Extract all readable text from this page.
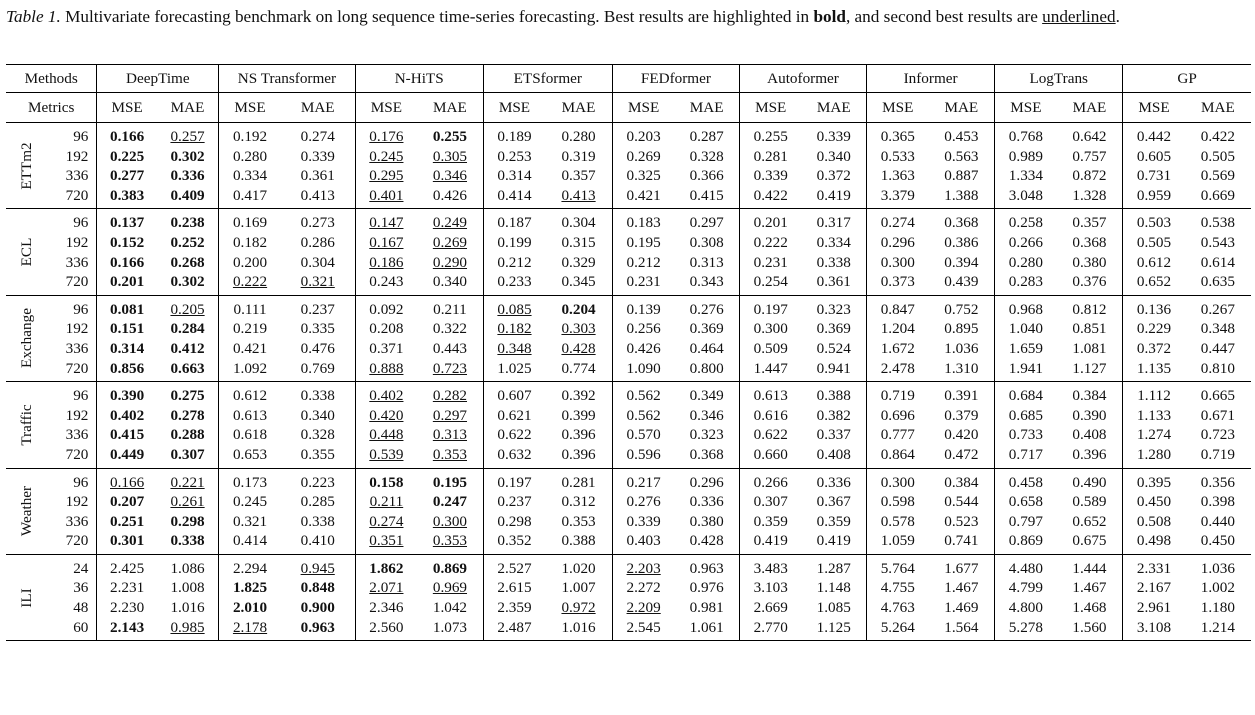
Table 1. Multivariate forecasting benchmark on long sequence time-series forecasting. Best results are highlighted in bold, and second best results are underlined.
Methods		DeepTime		NS Transformer		N-HiTS		ETSformer		FEDformer		Autoformer		Informer		LogTrans		GP	
Metrics		MSE	MAE	MSE	MAE	MSE	MAE	MSE	MAE	MSE	MAE	MSE	MAE	MSE	MAE	MSE	MAE	MSE	MAE

ETTm2	96	0.166	0.257	0.192	0.274	0.176	0.255	0.189	0.280	0.203	0.287	0.255	0.339	0.365	0.453	0.768	0.642	0.442	0.422
	192	0.225	0.302	0.280	0.339	0.245	0.305	0.253	0.319	0.269	0.328	0.281	0.340	0.533	0.563	0.989	0.757	0.605	0.505
	336	0.277	0.336	0.334	0.361	0.295	0.346	0.314	0.357	0.325	0.366	0.339	0.372	1.363	0.887	1.334	0.872	0.731	0.569
	720	0.383	0.409	0.417	0.413	0.401	0.426	0.414	0.413	0.421	0.415	0.422	0.419	3.379	1.388	3.048	1.328	0.959	0.669

ECL	96	0.137	0.238	0.169	0.273	0.147	0.249	0.187	0.304	0.183	0.297	0.201	0.317	0.274	0.368	0.258	0.357	0.503	0.538
	192	0.152	0.252	0.182	0.286	0.167	0.269	0.199	0.315	0.195	0.308	0.222	0.334	0.296	0.386	0.266	0.368	0.505	0.543
	336	0.166	0.268	0.200	0.304	0.186	0.290	0.212	0.329	0.212	0.313	0.231	0.338	0.300	0.394	0.280	0.380	0.612	0.614
	720	0.201	0.302	0.222	0.321	0.243	0.340	0.233	0.345	0.231	0.343	0.254	0.361	0.373	0.439	0.283	0.376	0.652	0.635

Exchange	96	0.081	0.205	0.111	0.237	0.092	0.211	0.085	0.204	0.139	0.276	0.197	0.323	0.847	0.752	0.968	0.812	0.136	0.267
	192	0.151	0.284	0.219	0.335	0.208	0.322	0.182	0.303	0.256	0.369	0.300	0.369	1.204	0.895	1.040	0.851	0.229	0.348
	336	0.314	0.412	0.421	0.476	0.371	0.443	0.348	0.428	0.426	0.464	0.509	0.524	1.672	1.036	1.659	1.081	0.372	0.447
	720	0.856	0.663	1.092	0.769	0.888	0.723	1.025	0.774	1.090	0.800	1.447	0.941	2.478	1.310	1.941	1.127	1.135	0.810

Traffic	96	0.390	0.275	0.612	0.338	0.402	0.282	0.607	0.392	0.562	0.349	0.613	0.388	0.719	0.391	0.684	0.384	1.112	0.665
	192	0.402	0.278	0.613	0.340	0.420	0.297	0.621	0.399	0.562	0.346	0.616	0.382	0.696	0.379	0.685	0.390	1.133	0.671
	336	0.415	0.288	0.618	0.328	0.448	0.313	0.622	0.396	0.570	0.323	0.622	0.337	0.777	0.420	0.733	0.408	1.274	0.723
	720	0.449	0.307	0.653	0.355	0.539	0.353	0.632	0.396	0.596	0.368	0.660	0.408	0.864	0.472	0.717	0.396	1.280	0.719

Weather	96	0.166	0.221	0.173	0.223	0.158	0.195	0.197	0.281	0.217	0.296	0.266	0.336	0.300	0.384	0.458	0.490	0.395	0.356
	192	0.207	0.261	0.245	0.285	0.211	0.247	0.237	0.312	0.276	0.336	0.307	0.367	0.598	0.544	0.658	0.589	0.450	0.398
	336	0.251	0.298	0.321	0.338	0.274	0.300	0.298	0.353	0.339	0.380	0.359	0.359	0.578	0.523	0.797	0.652	0.508	0.440
	720	0.301	0.338	0.414	0.410	0.351	0.353	0.352	0.388	0.403	0.428	0.419	0.419	1.059	0.741	0.869	0.675	0.498	0.450

ILI	24	2.425	1.086	2.294	0.945	1.862	0.869	2.527	1.020	2.203	0.963	3.483	1.287	5.764	1.677	4.480	1.444	2.331	1.036
	36	2.231	1.008	1.825	0.848	2.071	0.969	2.615	1.007	2.272	0.976	3.103	1.148	4.755	1.467	4.799	1.467	2.167	1.002
	48	2.230	1.016	2.010	0.900	2.346	1.042	2.359	0.972	2.209	0.981	2.669	1.085	4.763	1.469	4.800	1.468	2.961	1.180
	60	2.143	0.985	2.178	0.963	2.560	1.073	2.487	1.016	2.545	1.061	2.770	1.125	5.264	1.564	5.278	1.560	3.108	1.214
